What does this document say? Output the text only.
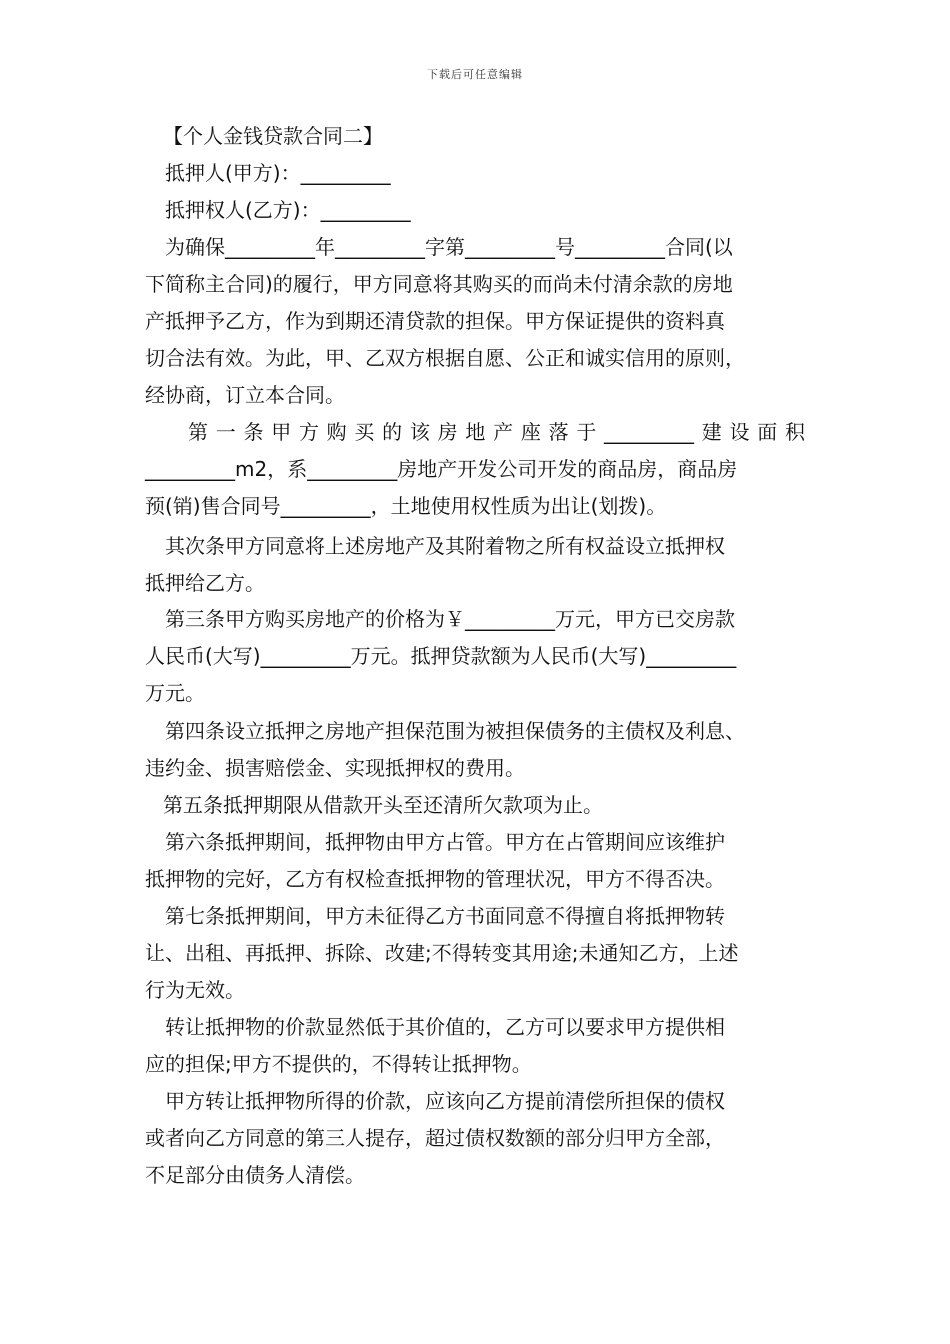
下载后可任意编辑
【个人金钱贷款合同二】
抵押人(甲方)：_________
抵押权人(乙方)：_________
为确保_________年_________字第_________号_________合同(以
下简称主合同)的履行，甲方同意将其购买的而尚未付清余款的房地
产抵押予乙方，作为到期还清贷款的担保。甲方保证提供的资料真
切合法有效。为此，甲、乙双方根据自愿、公正和诚实信用的原则，
经协商，订立本合同。
第一条甲方购买的该房地产座落于_________建设面积
_________m2，系_________房地产开发公司开发的商品房，商品房
预(销)售合同号_________，土地使用权性质为出让(划拨)。
其次条甲方同意将上述房地产及其附着物之所有权益设立抵押权
抵押给乙方。
第三条甲方购买房地产的价格为￥_________万元，甲方已交房款
人民币(大写)_________万元。抵押贷款额为人民币(大写)_________
万元。
第四条设立抵押之房地产担保范围为被担保债务的主债权及利息、
违约金、损害赔偿金、实现抵押权的费用。
第五条抵押期限从借款开头至还清所欠款项为止。
第六条抵押期间，抵押物由甲方占管。甲方在占管期间应该维护
抵押物的完好，乙方有权检查抵押物的管理状况，甲方不得否决。
第七条抵押期间，甲方未征得乙方书面同意不得擅自将抵押物转
让、出租、再抵押、拆除、改建;不得转变其用途;未通知乙方，上述
行为无效。
转让抵押物的价款显然低于其价值的，乙方可以要求甲方提供相
应的担保;甲方不提供的，不得转让抵押物。
甲方转让抵押物所得的价款，应该向乙方提前清偿所担保的债权
或者向乙方同意的第三人提存，超过债权数额的部分归甲方全部，
不足部分由债务人清偿。
